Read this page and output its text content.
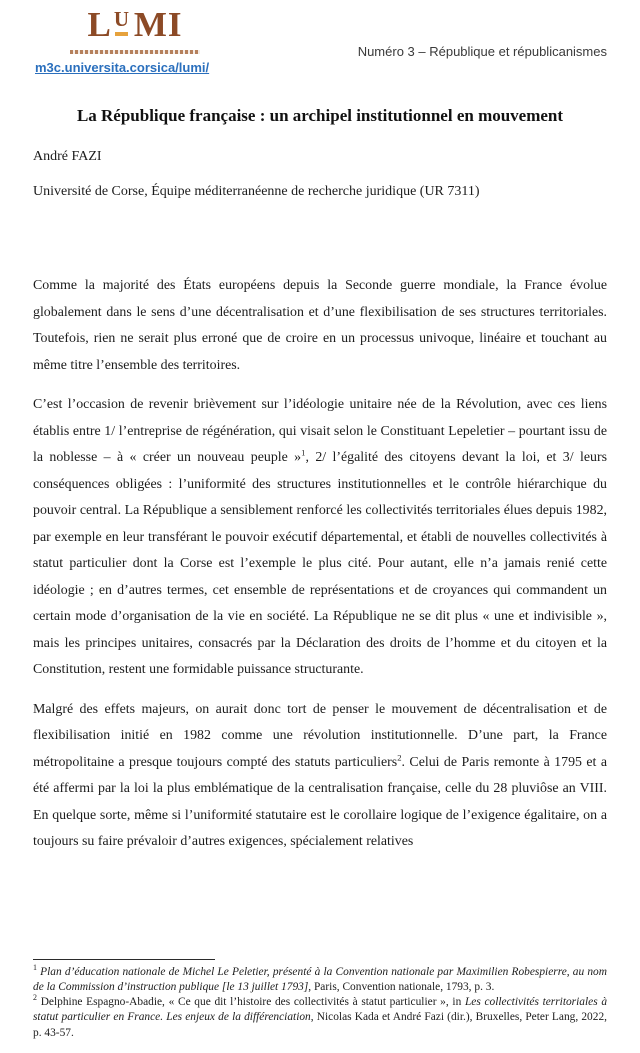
L U MI
m3c.universita.corsica/lumi/
Numéro 3 – République et républicanismes
La République française : un archipel institutionnel en mouvement
André FAZI
Université de Corse, Équipe méditerranéenne de recherche juridique (UR 7311)

Comme la majorité des États européens depuis la Seconde guerre mondiale, la France évolue globalement dans le sens d’une décentralisation et d’une flexibilisation de ses structures territoriales. Toutefois, rien ne serait plus erroné que de croire en un processus univoque, linéaire et touchant au même titre l’ensemble des territoires.

C’est l’occasion de revenir brièvement sur l’idéologie unitaire née de la Révolution, avec ces liens établis entre 1/ l’entreprise de régénération, qui visait selon le Constituant Lepeletier – pourtant issu de la noblesse – à « créer un nouveau peuple »$^1$, 2/ l’égalité des citoyens devant la loi, et 3/ leurs conséquences obligées : l’uniformité des structures institutionnelles et le contrôle hiérarchique du pouvoir central. La République a sensiblement renforcé les collectivités territoriales élues depuis 1982, par exemple en leur transférant le pouvoir exécutif départemental, et établi de nouvelles collectivités à statut particulier dont la Corse est l’exemple le plus cité. Pour autant, elle n’a jamais renié cette idéologie ; en d’autres termes, cet ensemble de représentations et de croyances qui commandent un certain mode d’organisation de la vie en société. La République ne se dit plus « une et indivisible », mais les principes unitaires, consacrés par la Déclaration des droits de l’homme et du citoyen et la Constitution, restent une formidable puissance structurante.

Malgré des effets majeurs, on aurait donc tort de penser le mouvement de décentralisation et de flexibilisation initié en 1982 comme une révolution institutionnelle. D’une part, la France métropolitaine a presque toujours compté des statuts particuliers$^2$. Celui de Paris remonte à 1795 et a été affermi par la loi la plus emblématique de la centralisation française, celle du 28 pluviôse an VIII. En quelque sorte, même si l’uniformité statutaire est le corollaire logique de l’exigence égalitaire, on a toujours su faire prévaloir d’autres exigences, spécialement relatives

$^1$ Plan d’éducation nationale de Michel Le Peletier, présenté à la Convention nationale par Maximilien Robespierre, au nom de la Commission d’instruction publique [le 13 juillet 1793], Paris, Convention nationale, 1793, p. 3.

$^2$ Delphine Espagno-Abadie, « Ce que dit l’histoire des collectivités à statut particulier », in Les collectivités territoriales à statut particulier en France. Les enjeux de la différenciation, Nicolas Kada et André Fazi (dir.), Bruxelles, Peter Lang, 2022, p. 43-57.
